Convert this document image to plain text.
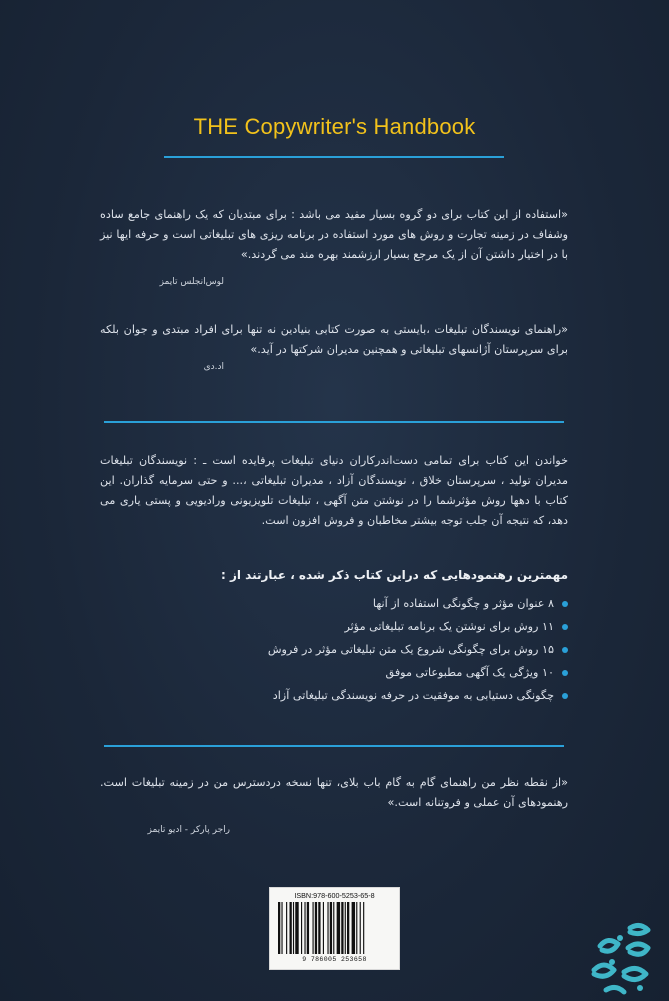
THE Copywriter's Handbook
«استفاده از این کتاب برای دو گروه بسیار مفید می باشد : برای مبتدیان که یک راهنمای جامع ساده وشفاف در زمینه تجارت و روش های مورد استفاده در برنامه ریزی های تبلیغاتی است و حرفه ایها نیز با در اختیار داشتن آن از یک مرجع بسیار ارزشمند بهره مند می گردند.»
لوس‌انجلس تایمز
«راهنمای نویسندگان تبلیغات ،بایستی به صورت کتابی بنیادین نه تنها برای افراد مبتدی و جوان بلکه برای سرپرستان آژانسهای تبلیغاتی و همچنین مدیران شرکتها در آید.»
اد.دی
خواندن این کتاب برای تمامی دست‌اندرکاران دنیای تبلیغات پرفایده است ـ : نویسندگان تبلیغات مدیران تولید ، سرپرستان خلاق ، نویسندگان آزاد ، مدیران تبلیغاتی ،... و حتی سرمایه گذاران. این کتاب با دهها روش مؤثرشما را در نوشتن متن آگهی ، تبلیغات تلویزیونی ورادیویی و پستی یاری می دهد، که نتیجه آن جلب توجه بیشتر مخاطبان و فروش افزون است.
مهمترین رهنمودهایی که دراین کتاب ذکر شده ، عبارتند از :
۸ عنوان مؤثر و چگونگی استفاده از آنها
۱۱ روش برای نوشتن یک برنامه تبلیغاتی مؤثر
۱۵ روش برای چگونگی شروع یک متن تبلیغاتی مؤثر در فروش
۱۰ ویژگی یک آگهی مطبوعاتی موفق
چگونگی دستیابی به موفقیت در حرفه نویسندگی تبلیغاتی آزاد
«از نقطه نظر من راهنمای گام به گام باب بلای، تنها نسخه دردسترس من در زمینه تبلیغات است. رهنمودهای آن عملی و فروتنانه است.»
راجر پارکر - ادیو تایمز
ISBN:978-600-5253-65-8
9 786005 253658
